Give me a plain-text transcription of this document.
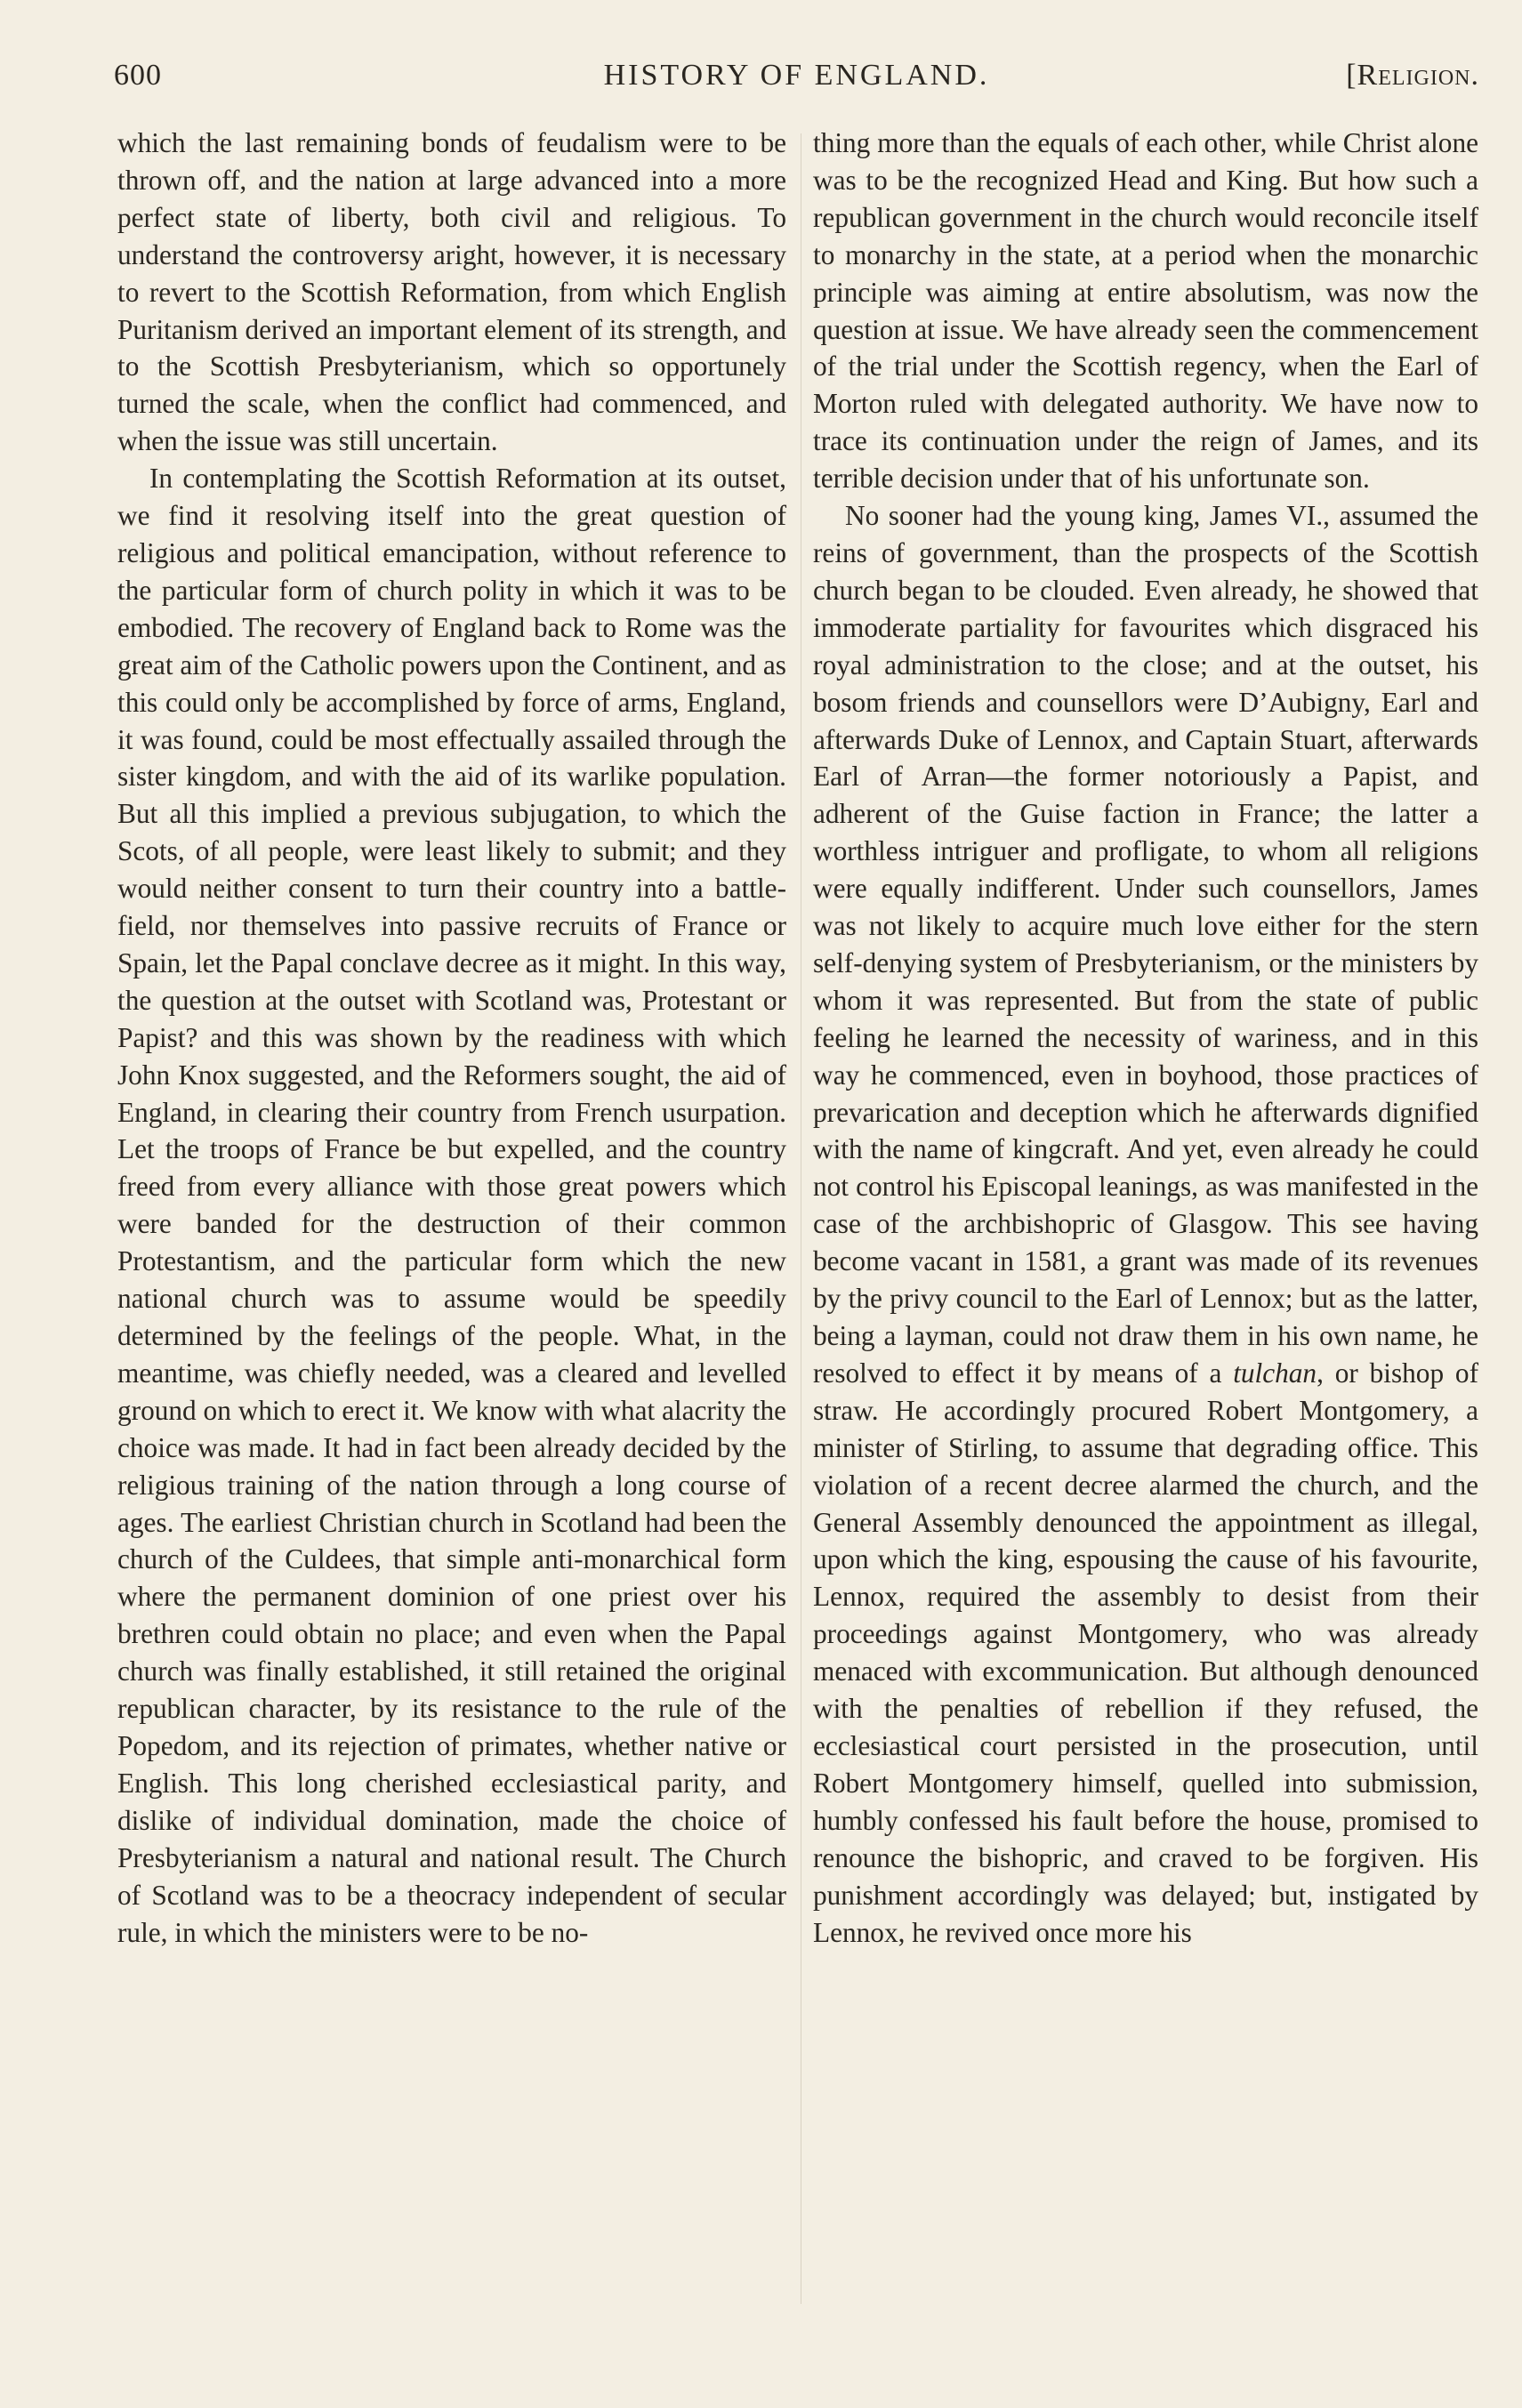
600	HISTORY OF ENGLAND.	[Religion.

which the last remaining bonds of feudalism were to be thrown off, and the nation at large advanced into a more perfect state of liberty, both civil and religious. To understand the controversy aright, however, it is necessary to revert to the Scottish Reformation, from which English Puritanism derived an important element of its strength, and to the Scottish Presbyterianism, which so opportunely turned the scale, when the conflict had commenced, and when the issue was still uncertain.

In contemplating the Scottish Reformation at its outset, we find it resolving itself into the great question of religious and political emancipation, without reference to the particular form of church polity in which it was to be embodied. The recovery of England back to Rome was the great aim of the Catholic powers upon the Continent, and as this could only be accomplished by force of arms, England, it was found, could be most effectually assailed through the sister kingdom, and with the aid of its warlike population. But all this implied a previous subjugation, to which the Scots, of all people, were least likely to submit; and they would neither consent to turn their country into a battle-field, nor themselves into passive recruits of France or Spain, let the Papal conclave decree as it might. In this way, the question at the outset with Scotland was, Protestant or Papist? and this was shown by the readiness with which John Knox suggested, and the Reformers sought, the aid of England, in clearing their country from French usurpation. Let the troops of France be but expelled, and the country freed from every alliance with those great powers which were banded for the destruction of their common Protestantism, and the particular form which the new national church was to assume would be speedily determined by the feelings of the people. What, in the meantime, was chiefly needed, was a cleared and levelled ground on which to erect it. We know with what alacrity the choice was made. It had in fact been already decided by the religious training of the nation through a long course of ages. The earliest Christian church in Scotland had been the church of the Culdees, that simple anti-monarchical form where the permanent dominion of one priest over his brethren could obtain no place; and even when the Papal church was finally established, it still retained the original republican character, by its resistance to the rule of the Popedom, and its rejection of primates, whether native or English. This long cherished ecclesiastical parity, and dislike of individual domination, made the choice of Presbyterianism a natural and national result. The Church of Scotland was to be a theocracy independent of secular rule, in which the ministers were to be no-

thing more than the equals of each other, while Christ alone was to be the recognized Head and King. But how such a republican government in the church would reconcile itself to monarchy in the state, at a period when the monarchic principle was aiming at entire absolutism, was now the question at issue. We have already seen the commencement of the trial under the Scottish regency, when the Earl of Morton ruled with delegated authority. We have now to trace its continuation under the reign of James, and its terrible decision under that of his unfortunate son.

No sooner had the young king, James VI., assumed the reins of government, than the prospects of the Scottish church began to be clouded. Even already, he showed that immoderate partiality for favourites which disgraced his royal administration to the close; and at the outset, his bosom friends and counsellors were D’Aubigny, Earl and afterwards Duke of Lennox, and Captain Stuart, afterwards Earl of Arran—the former notoriously a Papist, and adherent of the Guise faction in France; the latter a worthless intriguer and profligate, to whom all religions were equally indifferent. Under such counsellors, James was not likely to acquire much love either for the stern self-denying system of Presbyterianism, or the ministers by whom it was represented. But from the state of public feeling he learned the necessity of wariness, and in this way he commenced, even in boyhood, those practices of prevarication and deception which he afterwards dignified with the name of kingcraft. And yet, even already he could not control his Episcopal leanings, as was manifested in the case of the archbishopric of Glasgow. This see having become vacant in 1581, a grant was made of its revenues by the privy council to the Earl of Lennox; but as the latter, being a layman, could not draw them in his own name, he resolved to effect it by means of a tulchan, or bishop of straw. He accordingly procured Robert Montgomery, a minister of Stirling, to assume that degrading office. This violation of a recent decree alarmed the church, and the General Assembly denounced the appointment as illegal, upon which the king, espousing the cause of his favourite, Lennox, required the assembly to desist from their proceedings against Montgomery, who was already menaced with excommunication. But although denounced with the penalties of rebellion if they refused, the ecclesiastical court persisted in the prosecution, until Robert Montgomery himself, quelled into submission, humbly confessed his fault before the house, promised to renounce the bishopric, and craved to be forgiven. His punishment accordingly was delayed; but, instigated by Lennox, he revived once more his
